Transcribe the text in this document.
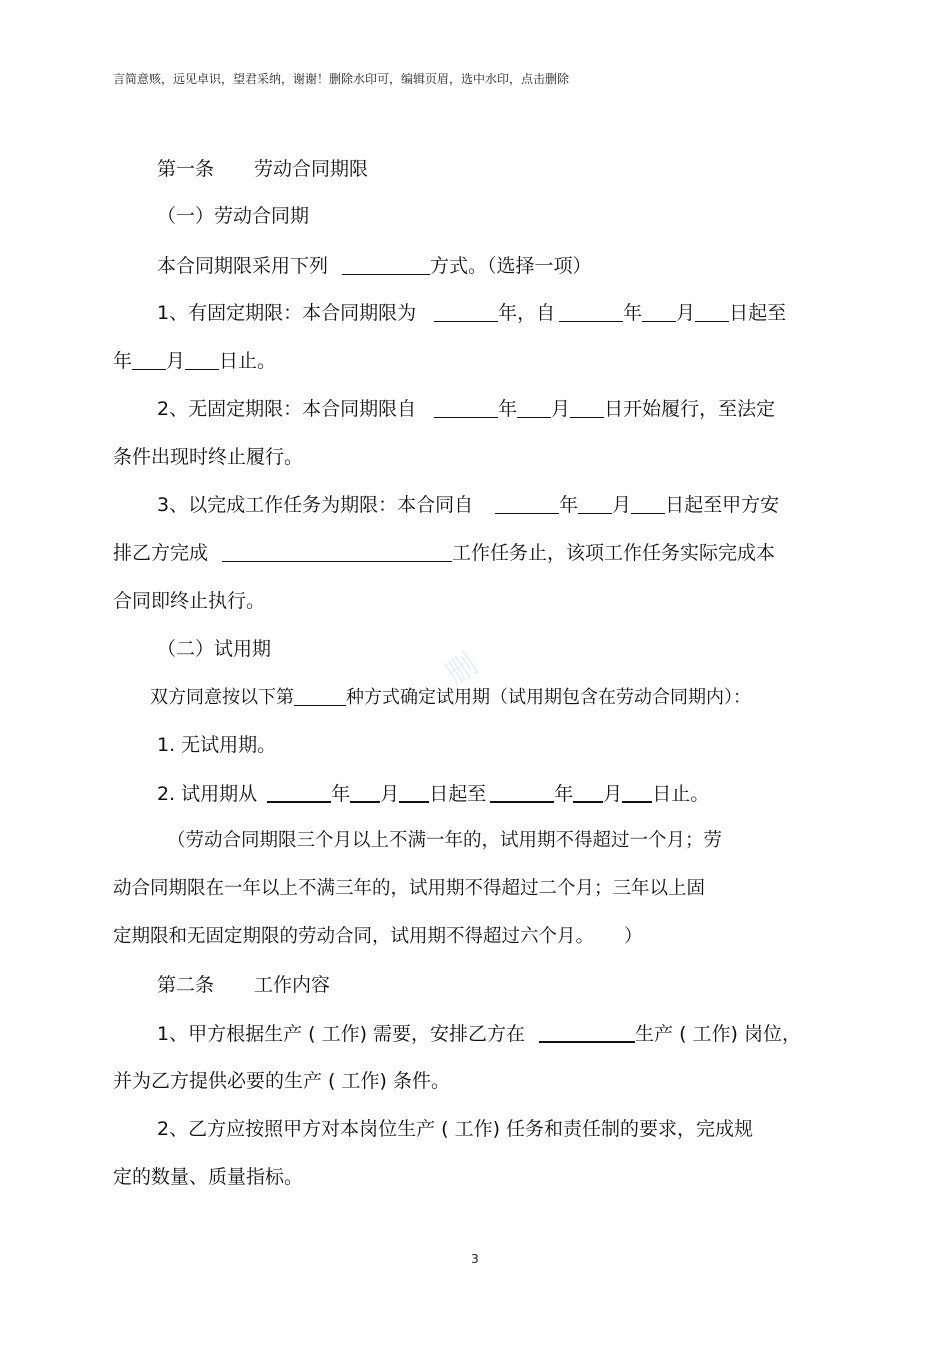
言简意赅，远见卓识，望君采纳，谢谢！删除水印可，编辑页眉，选中水印，点击删除
删
第一条 劳动合同期限
（一）劳动合同期
本合同期限采用下列	方式。（选择一项）
1、有固定期限：本合同期限为	年，自	年 月 日起至
年 月 日止。
2、无固定期限：本合同期限自	年 月 日开始履行，至法定
条件出现时终止履行。
3、以完成工作任务为期限：本合同自	年 月 日起至甲方安
排乙方完成	工作任务止，该项工作任务实际完成本
合同即终止执行。
（二）试用期
双方同意按以下第	种方式确定试用期（试用期包含在劳动合同期内）：
1. 无试用期。
2. 试用期从	年 月 日起至	年 月 日止。
（劳动合同期限三个月以上不满一年的，试用期不得超过一个月；劳
动合同期限在一年以上不满三年的，试用期不得超过二个月；三年以上固
定期限和无固定期限的劳动合同，试用期不得超过六个月。 ）
第二条 工作内容
1、甲方根据生产 ( 工作) 需要，安排乙方在	生产 ( 工作) 岗位，
并为乙方提供必要的生产 ( 工作) 条件。
2、乙方应按照甲方对本岗位生产 ( 工作) 任务和责任制的要求，完成规
定的数量、质量指标。
3
